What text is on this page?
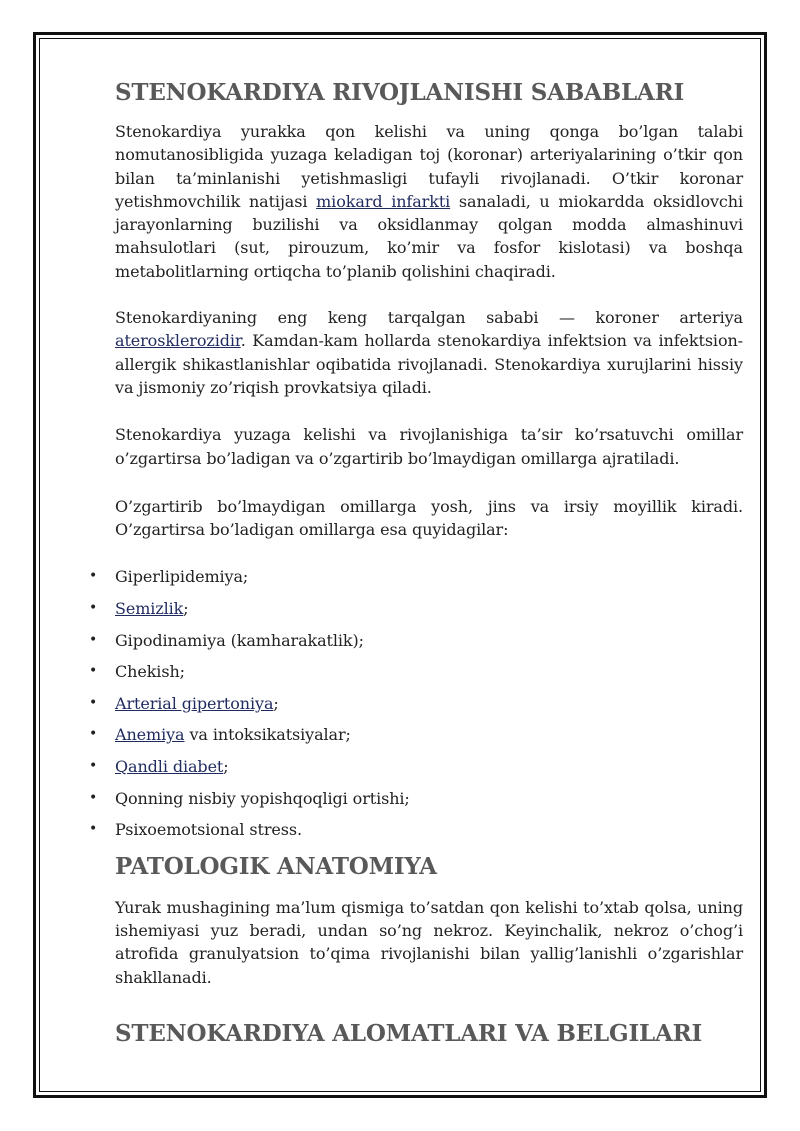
STENOKARDIYA RIVOJLANISHI SABABLARI

Stenokardiya yurakka qon kelishi va uning qonga bo’lgan talabi nomutanosibligida yuzaga keladigan toj (koronar) arteriyalarining o’tkir qon bilan ta’minlanishi yetishmasligi tufayli rivojlanadi. O’tkir koronar yetishmovchilik natijasi miokard infarkti sanaladi, u miokardda oksidlovchi jarayonlarning buzilishi va oksidlanmay qolgan modda almashinuvi mahsulotlari (sut, pirouzum, ko’mir va fosfor kislotasi) va boshqa metabolitlarning ortiqcha to’planib qolishini chaqiradi.

Stenokardiyaning eng keng tarqalgan sababi — koroner arteriya aterosklerozidir. Kamdan-kam hollarda stenokardiya infektsion va infektsion-allergik shikastlanishlar oqibatida rivojlanadi. Stenokardiya xurujlarini hissiy va jismoniy zo’riqish provkatsiya qiladi.

Stenokardiya yuzaga kelishi va rivojlanishiga ta’sir ko’rsatuvchi omillar o’zgartirsa bo’ladigan va o’zgartirib bo’lmaydigan omillarga ajratiladi.

O’zgartirib bo’lmaydigan omillarga yosh, jins va irsiy moyillik kiradi. O’zgartirsa bo’ladigan omillarga esa quyidagilar:

• Giperlipidemiya;
• Semizlik;
• Gipodinamiya (kamharakatlik);
• Chekish;
• Arterial gipertoniya;
• Anemiya va intoksikatsiyalar;
• Qandli diabet;
• Qonning nisbiy yopishqoqligi ortishi;
• Psixoemotsional stress.
PATOLOGIK ANATOMIYA

Yurak mushagining ma’lum qismiga to’satdan qon kelishi to’xtab qolsa, uning ishemiyasi yuz beradi, undan so’ng nekroz. Keyinchalik, nekroz o’chog’i atrofida granulyatsion to’qima rivojlanishi bilan yallig’lanishli o’zgarishlar shakllanadi.

STENOKARDIYA ALOMATLARI VA BELGILARI
